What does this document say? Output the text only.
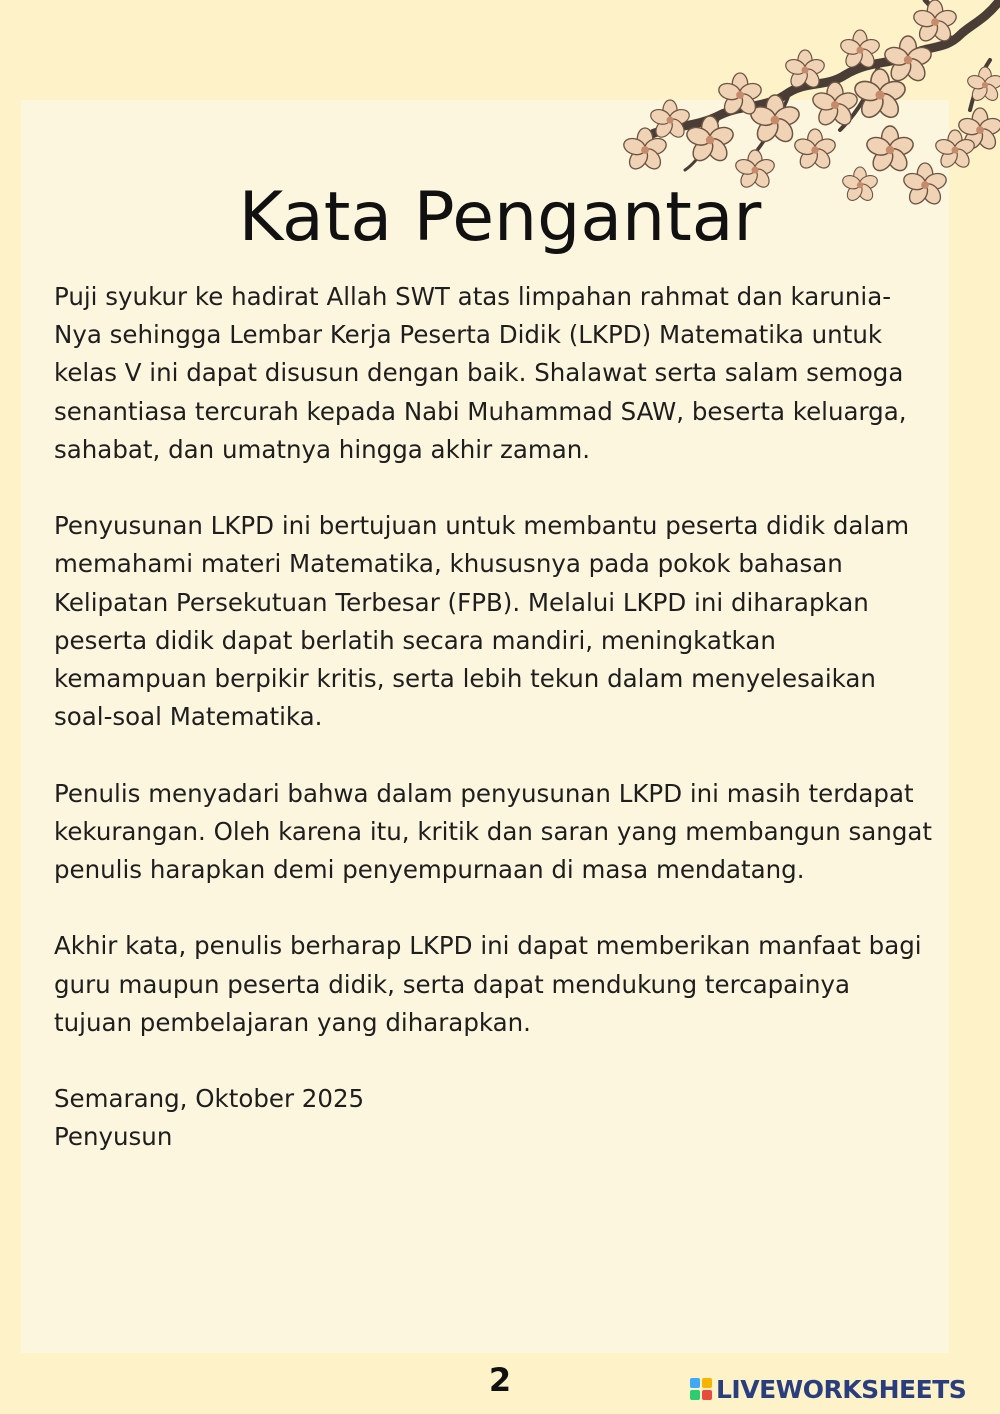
Kata Pengantar

Puji syukur ke hadirat Allah SWT atas limpahan rahmat dan karunia-Nya sehingga Lembar Kerja Peserta Didik (LKPD) Matematika untuk kelas V ini dapat disusun dengan baik. Shalawat serta salam semoga senantiasa tercurah kepada Nabi Muhammad SAW, beserta keluarga, sahabat, dan umatnya hingga akhir zaman.

Penyusunan LKPD ini bertujuan untuk membantu peserta didik dalam memahami materi Matematika, khususnya pada pokok bahasan Kelipatan Persekutuan Terbesar (FPB). Melalui LKPD ini diharapkan peserta didik dapat berlatih secara mandiri, meningkatkan kemampuan berpikir kritis, serta lebih tekun dalam menyelesaikan soal-soal Matematika.

Penulis menyadari bahwa dalam penyusunan LKPD ini masih terdapat kekurangan. Oleh karena itu, kritik dan saran yang membangun sangat penulis harapkan demi penyempurnaan di masa mendatang.

Akhir kata, penulis berharap LKPD ini dapat memberikan manfaat bagi guru maupun peserta didik, serta dapat mendukung tercapainya tujuan pembelajaran yang diharapkan.

Semarang, Oktober 2025
Penyusun
2	LIVEWORKSHEETS
